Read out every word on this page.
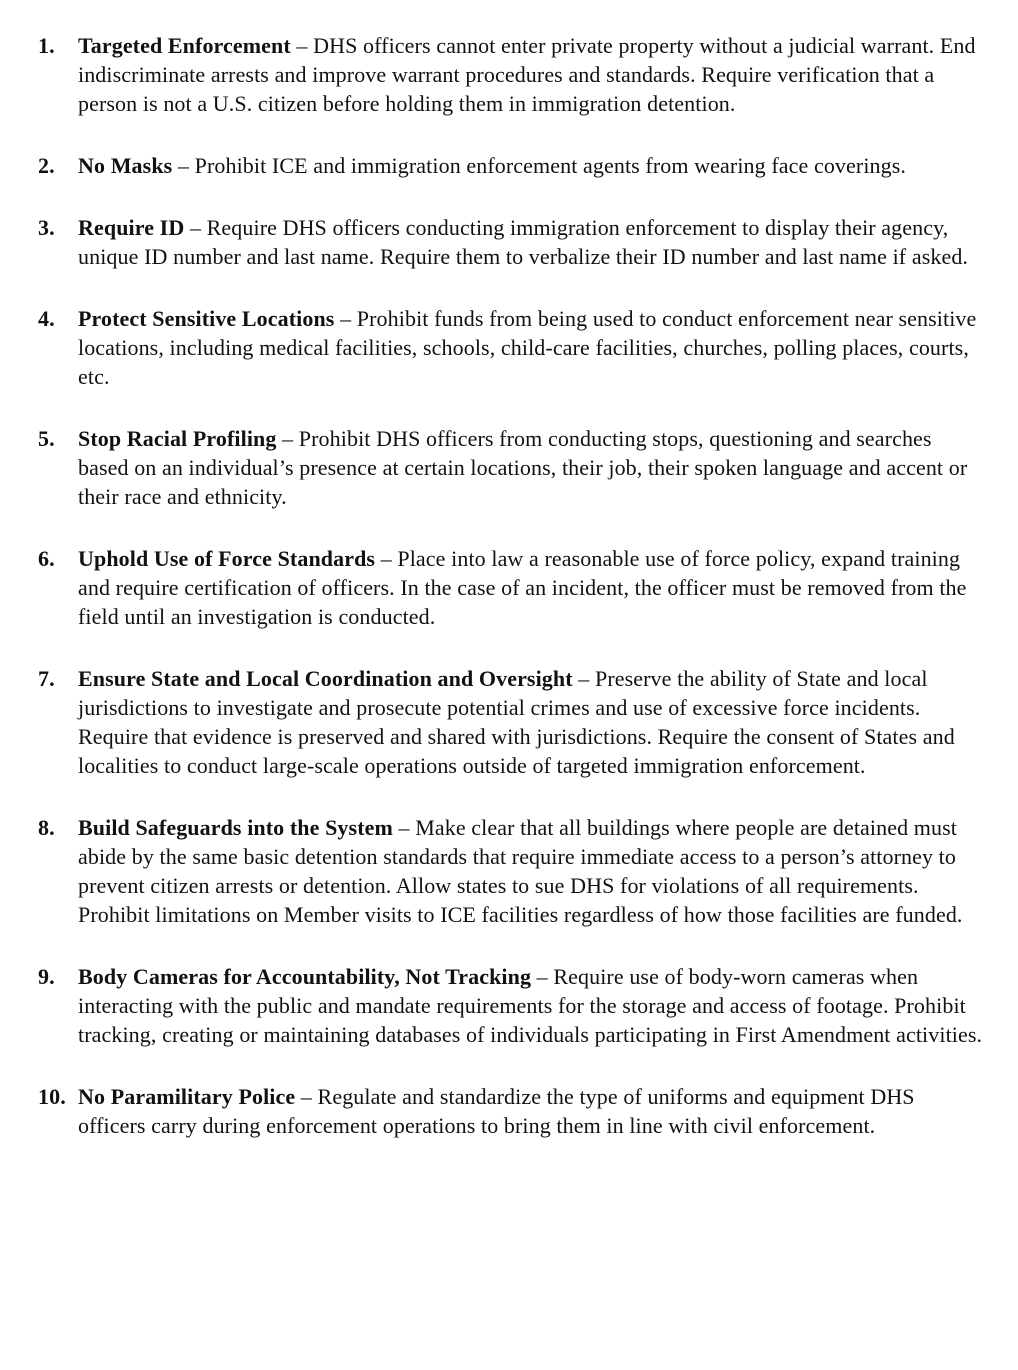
1.	Targeted Enforcement – DHS officers cannot enter private property without a judicial warrant. End indiscriminate arrests and improve warrant procedures and standards. Require verification that a person is not a U.S. citizen before holding them in immigration detention.

2.	No Masks – Prohibit ICE and immigration enforcement agents from wearing face coverings.

3.	Require ID – Require DHS officers conducting immigration enforcement to display their agency, unique ID number and last name. Require them to verbalize their ID number and last name if asked.

4.	Protect Sensitive Locations – Prohibit funds from being used to conduct enforcement near sensitive locations, including medical facilities, schools, child-care facilities, churches, polling places, courts, etc.

5.	Stop Racial Profiling – Prohibit DHS officers from conducting stops, questioning and searches based on an individual’s presence at certain locations, their job, their spoken language and accent or their race and ethnicity.

6.	Uphold Use of Force Standards – Place into law a reasonable use of force policy, expand training and require certification of officers. In the case of an incident, the officer must be removed from the field until an investigation is conducted.

7.	Ensure State and Local Coordination and Oversight – Preserve the ability of State and local jurisdictions to investigate and prosecute potential crimes and use of excessive force incidents. Require that evidence is preserved and shared with jurisdictions. Require the consent of States and localities to conduct large-scale operations outside of targeted immigration enforcement.

8.	Build Safeguards into the System – Make clear that all buildings where people are detained must abide by the same basic detention standards that require immediate access to a person’s attorney to prevent citizen arrests or detention. Allow states to sue DHS for violations of all requirements. Prohibit limitations on Member visits to ICE facilities regardless of how those facilities are funded.

9.	Body Cameras for Accountability, Not Tracking – Require use of body-worn cameras when interacting with the public and mandate requirements for the storage and access of footage. Prohibit tracking, creating or maintaining databases of individuals participating in First Amendment activities.

10. No Paramilitary Police – Regulate and standardize the type of uniforms and equipment DHS officers carry during enforcement operations to bring them in line with civil enforcement.
